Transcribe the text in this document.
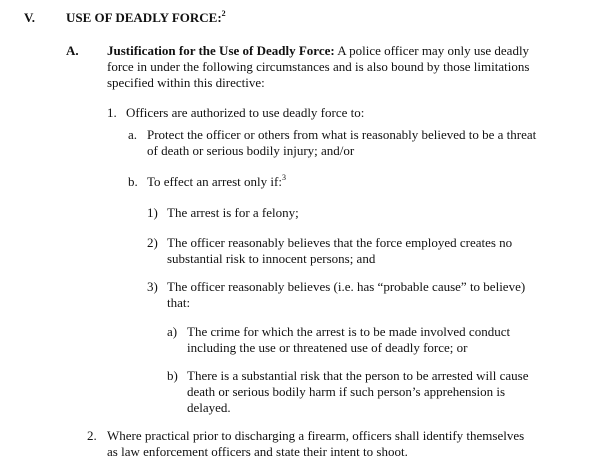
V. USE OF DEADLY FORCE:$^2$
A. Justification for the Use of Deadly Force: A police officer may only use deadly
force in under the following circumstances and is also bound by those limitations
specified within this directive:
1. Officers are authorized to use deadly force to:
a. Protect the officer or others from what is reasonably believed to be a threat
of death or serious bodily injury; and/or
b. To effect an arrest only if:$^3$
1) The arrest is for a felony;
2) The officer reasonably believes that the force employed creates no
substantial risk to innocent persons; and
3) The officer reasonably believes (i.e. has “probable cause” to believe)
that:
a) The crime for which the arrest is to be made involved conduct
including the use or threatened use of deadly force; or
b) There is a substantial risk that the person to be arrested will cause
death or serious bodily harm if such person’s apprehension is
delayed.
2. Where practical prior to discharging a firearm, officers shall identify themselves
as law enforcement officers and state their intent to shoot.
